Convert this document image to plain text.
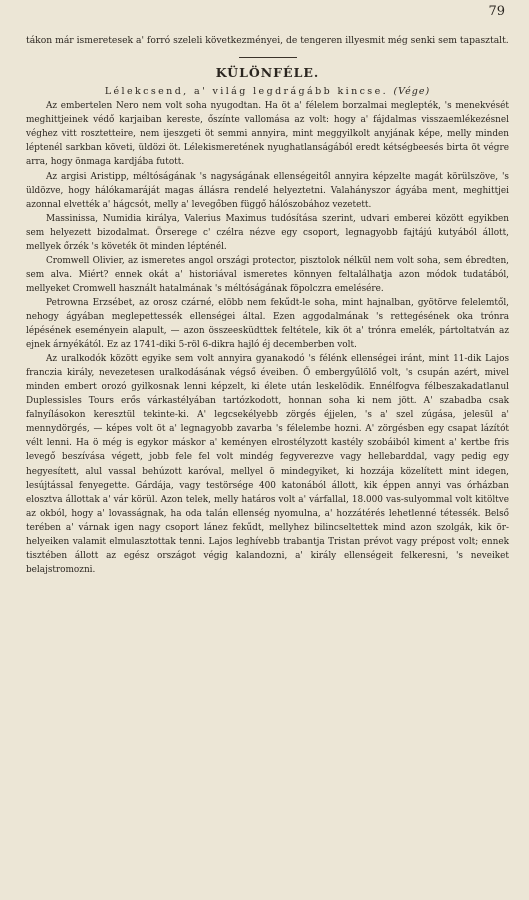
79

tákon már ismeretesek a' forró szeleli következményei, de tengeren illyesmit még senki sem tapasztalt.

KÜLÖNFÉLE.
Lélekcsend, a' világ legdrágább kincse. (Vége)

Az embertelen Nero nem volt soha nyugodtan. Ha öt a' félelem borzalmai meglepték, 's menekvését meghittjeinek védő karjaiban kereste, őszínte vallomása az volt: hogy a' fájdalmas visszaemlékezésnel véghez vitt rosztetteire, nem ijeszgeti öt semmi annyira, mint meggyilkolt anyjának képe, melly minden léptenél sarkban követi, üldözi öt. Lélekismeretének nyughatlanságából eredt kétségbeesés birta öt végre arra, hogy önmaga kardjába futott.

Az argisi Aristipp, méltóságának 's nagyságának ellenségeitől annyira képzelte magát körülszöve, 's üldözve, hogy hálókamaráját magas állásra rendelé helyeztetni. Valahányszor ágyába ment, meghittjei azonnal elvették a' hágcsót, melly a' levegőben függő hálószobához vezetett.

Massinissa, Numidia királya, Valerius Maximus tudósítása szerint, udvari emberei között egyikben sem helyezett bizodalmat. Örserege c' czélra nézve egy csoport, legnagyobb fajtájú kutyából állott, mellyek őrzék 's követék öt minden lépténél.

Cromwell Olivier, az ismeretes angol országi protector, pisztolok nélkül nem volt soha, sem ébredten, sem alva. Miért? ennek okát a' historiával ismeretes könnyen feltalálhatja azon módok tudatából, mellyeket Cromwell használt hatalmának 's méltóságának föpolczra emelésére.

Petrowna Erzsébet, az orosz czárné, elöbb nem fekűdt-le soha, mint hajnalban, gyötörve felelemtől, nehogy ágyában meglepettessék ellenségei által. Ezen aggodalmának 's rettegésének oka trónra lépésének eseményein alapult, — azon összeesküdttek feltétele, kik öt a' trónra emelék, pártoltatván az ejnek árnyékától. Ez az 1741-diki 5-röl 6-dikra hajló éj decemberben volt.

Az uralkodók között egyike sem volt annyira gyanakodó 's félénk ellenségei iránt, mint 11-dik Lajos franczia király, nevezetesen uralkodásának végső éveiben. Ő embergyűlölő volt, 's csupán azért, mivel minden embert orozó gyilkosnak lenni képzelt, ki élete után leskelödik. Ennélfogva félbeszakadatlanul Duplessisles Tours erős várkastélyában tartózkodott, honnan soha ki nem jött. A' szabadba csak falnyílásokon keresztül tekinte-ki. A' legcsekélyebb zörgés éjjelen, 's a' szel zúgása, jelesül a' mennydörgés, — képes volt öt a' legnagyobb zavarba 's félelembe hozni. A' zörgésben egy csapat lázítót vélt lenni. Ha ö még is egykor máskor a' keményen elrostélyzott kastély szobáiból kiment a' kertbe fris levegő beszívása végett, jobb fele fel volt mindég fegyverezve vagy hellebarddal, vagy pedig egy hegyesített, alul vassal behúzott karóval, mellyel ö mindegyiket, ki hozzája közelített mint idegen, lesújtással fenyegette. Gárdája, vagy testörsége 400 katonából állott, kik éppen annyi vas órházban elosztva állottak a' vár körül. Azon telek, melly határos volt a' várfallal, 18.000 vas-sulyommal volt kitöltve az okból, hogy a' lovasságnak, ha oda talán ellenség nyomulna, a' hozzátérés lehetlenné tétessék. Belső terében a' várnak igen nagy csoport lánez fekűdt, mellyhez bilincseltettek mind azon szolgák, kik ör-helyeiken valamit elmulasztottak tenni. Lajos leghívebb trabantja Tristan prévot vagy prépost volt; ennek tisztében állott az egész országot végig kalandozni, a' király ellenségeit felkeresni, 's neveiket belajstromozni.
